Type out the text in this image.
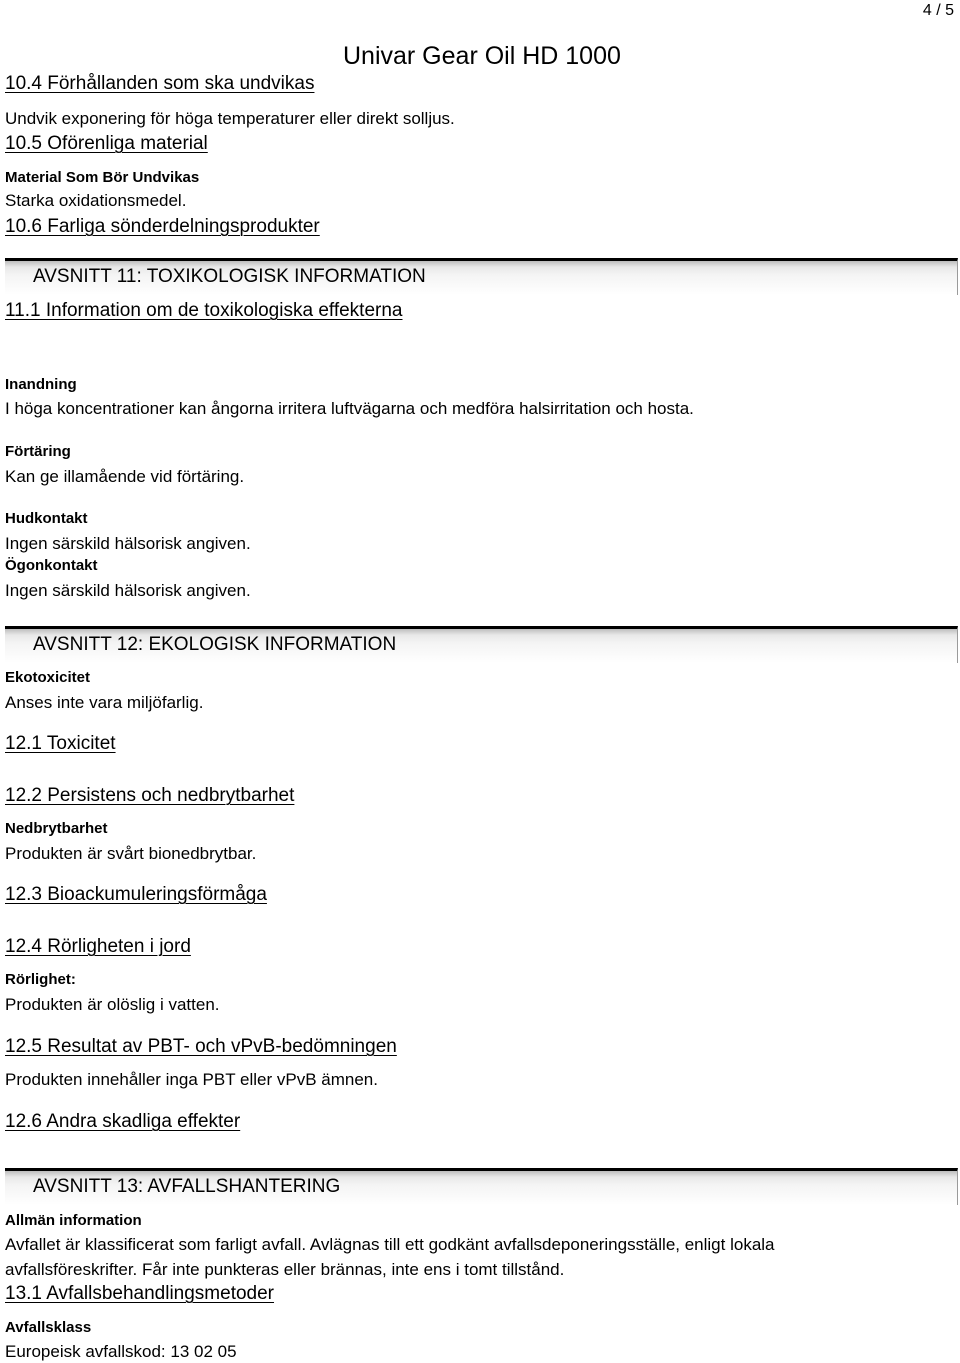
4 / 5
Univar Gear Oil HD 1000
10.4 Förhållanden som ska undvikas
Undvik exponering för höga temperaturer eller direkt solljus.
10.5 Oförenliga material
Material Som Bör Undvikas
Starka oxidationsmedel.
10.6 Farliga sönderdelningsprodukter
AVSNITT 11: TOXIKOLOGISK INFORMATION
11.1 Information om de toxikologiska effekterna
Inandning
I höga koncentrationer kan ångorna irritera luftvägarna och medföra halsirritation och hosta.
Förtäring
Kan ge illamående vid förtäring.
Hudkontakt
Ingen särskild hälsorisk angiven.
Ögonkontakt
Ingen särskild hälsorisk angiven.
AVSNITT 12: EKOLOGISK INFORMATION
Ekotoxicitet
Anses inte vara miljöfarlig.
12.1 Toxicitet
12.2 Persistens och nedbrytbarhet
Nedbrytbarhet
Produkten är svårt bionedbrytbar.
12.3 Bioackumuleringsförmåga
12.4 Rörligheten i jord
Rörlighet:
Produkten är olöslig i vatten.
12.5 Resultat av PBT- och vPvB-bedömningen
Produkten innehåller inga PBT eller vPvB ämnen.
12.6 Andra skadliga effekter
AVSNITT 13: AVFALLSHANTERING
Allmän information
Avfallet är klassificerat som farligt avfall. Avlägnas till ett godkänt avfallsdeponeringsställe, enligt lokala
avfallsföreskrifter. Får inte punkteras eller brännas, inte ens i tomt tillstånd.
13.1 Avfallsbehandlingsmetoder
Avfallsklass
Europeisk avfallskod: 13 02 05
